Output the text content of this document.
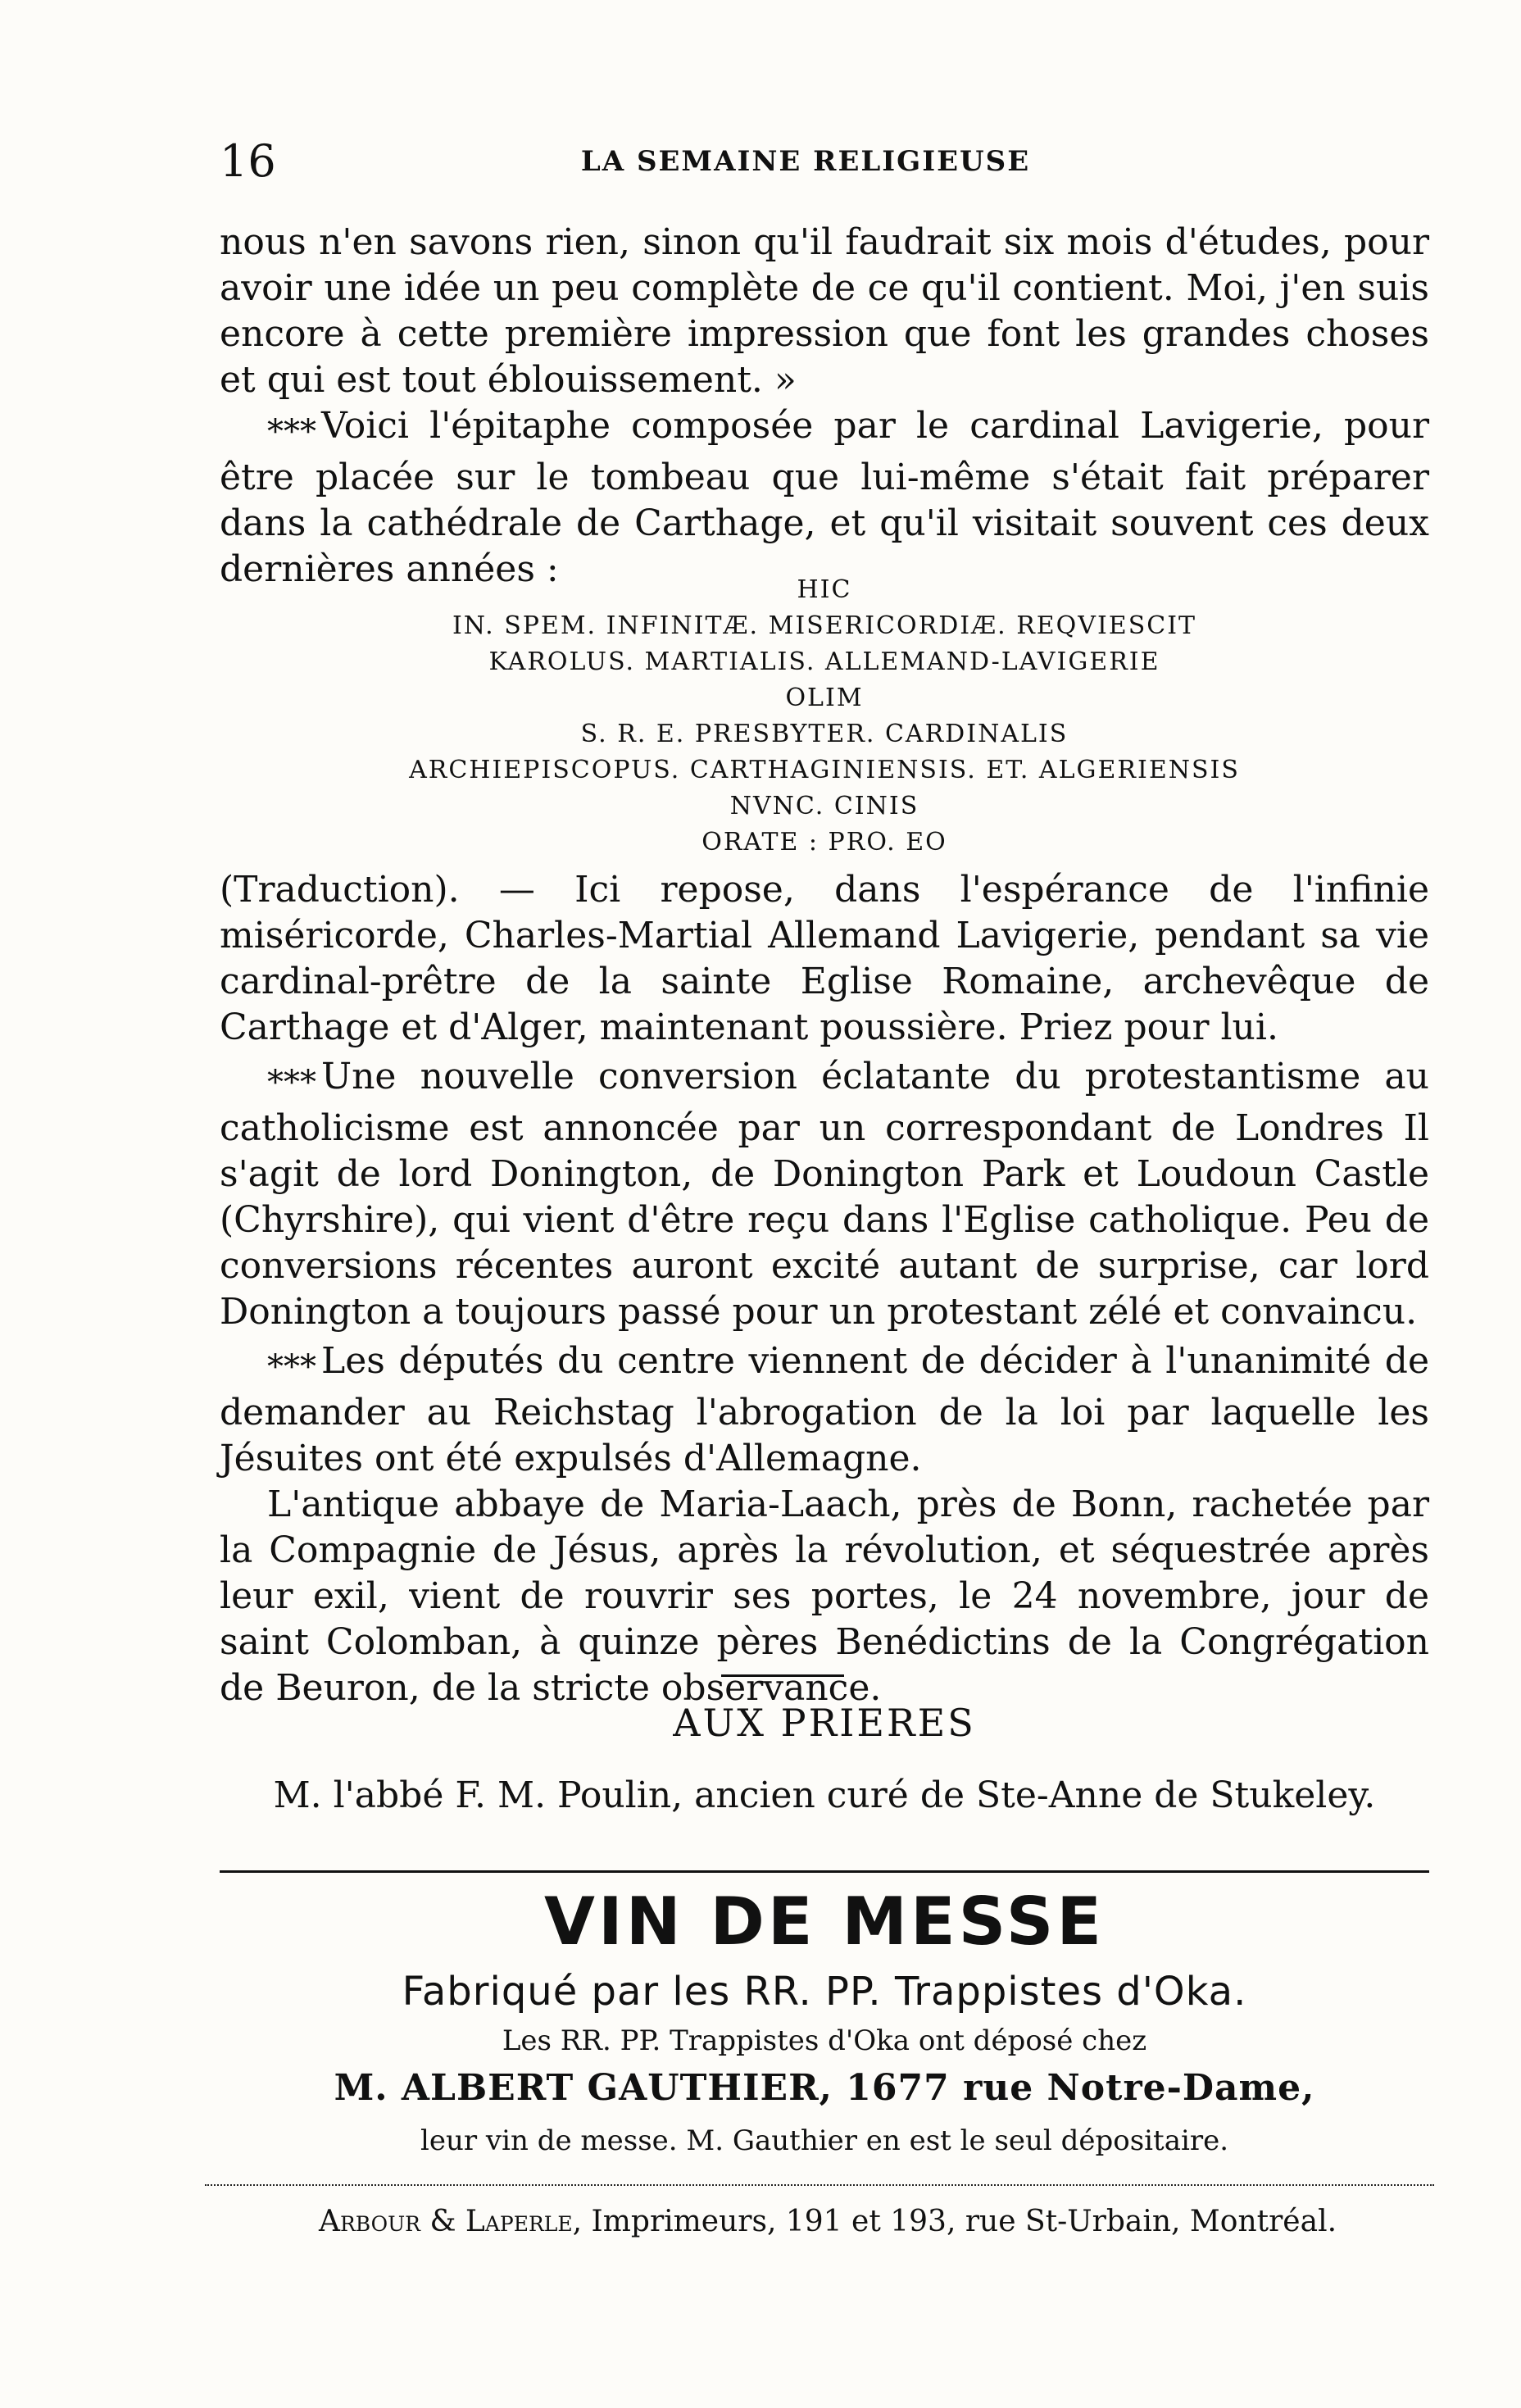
16	LA SEMAINE RELIGIEUSE

nous n'en savons rien, sinon qu'il faudrait six mois d'études, pour avoir une idée un peu complète de ce qu'il contient. Moi, j'en suis encore à cette première impression que font les grandes choses et qui est tout éblouissement. »

* * * Voici l'épitaphe composée par le cardinal Lavigerie, pour être placée sur le tombeau que lui-même s'était fait préparer dans la cathédrale de Carthage, et qu'il visitait souvent ces deux dernières années :	HIC
IN. SPEM. INFINITÆ. MISERICORDIÆ. REQVIESCIT
KAROLUS. MARTIALIS. ALLEMAND-LAVIGERIE
OLIM
S. R. E. PRESBYTER. CARDINALIS
ARCHIEPISCOPUS. CARTHAGINIENSIS. ET. ALGERIENSIS
NVNC. CINIS
ORATE : PRO. EO

(Traduction). — Ici repose, dans l'espérance de l'infinie miséricorde, Charles-Martial Allemand Lavigerie, pendant sa vie cardinal-prêtre de la sainte Eglise Romaine, archevêque de Carthage et d'Alger, maintenant poussière. Priez pour lui.

* * * Une nouvelle conversion éclatante du protestantisme au catholicisme est annoncée par un correspondant de Londres Il s'agit de lord Donington, de Donington Park et Loudoun Castle (Chyrshire), qui vient d'être reçu dans l'Eglise catholique. Peu de conversions récentes auront excité autant de surprise, car lord Donington a toujours passé pour un protestant zélé et convaincu.

* * * Les députés du centre viennent de décider à l'unanimité de demander au Reichstag l'abrogation de la loi par laquelle les Jésuites ont été expulsés d'Allemagne.

L'antique abbaye de Maria-Laach, près de Bonn, rachetée par la Compagnie de Jésus, après la révolution, et séquestrée après leur exil, vient de rouvrir ses portes, le 24 novembre, jour de saint Colomban, à quinze pères Benédictins de la Congrégation de Beuron, de la stricte observance.

AUX PRIERES
M. l'abbé F. M. Poulin, ancien curé de Ste-Anne de Stukeley.
VIN DE MESSE
Fabriqué par les RR. PP. Trappistes d'Oka.
Les RR. PP. Trappistes d'Oka ont déposé chez
M. ALBERT GAUTHIER, 1677 rue Notre-Dame,
leur vin de messe. M. Gauthier en est le seul dépositaire.
Arbour & Laperle, Imprimeurs, 191 et 193, rue St-Urbain, Montréal.
